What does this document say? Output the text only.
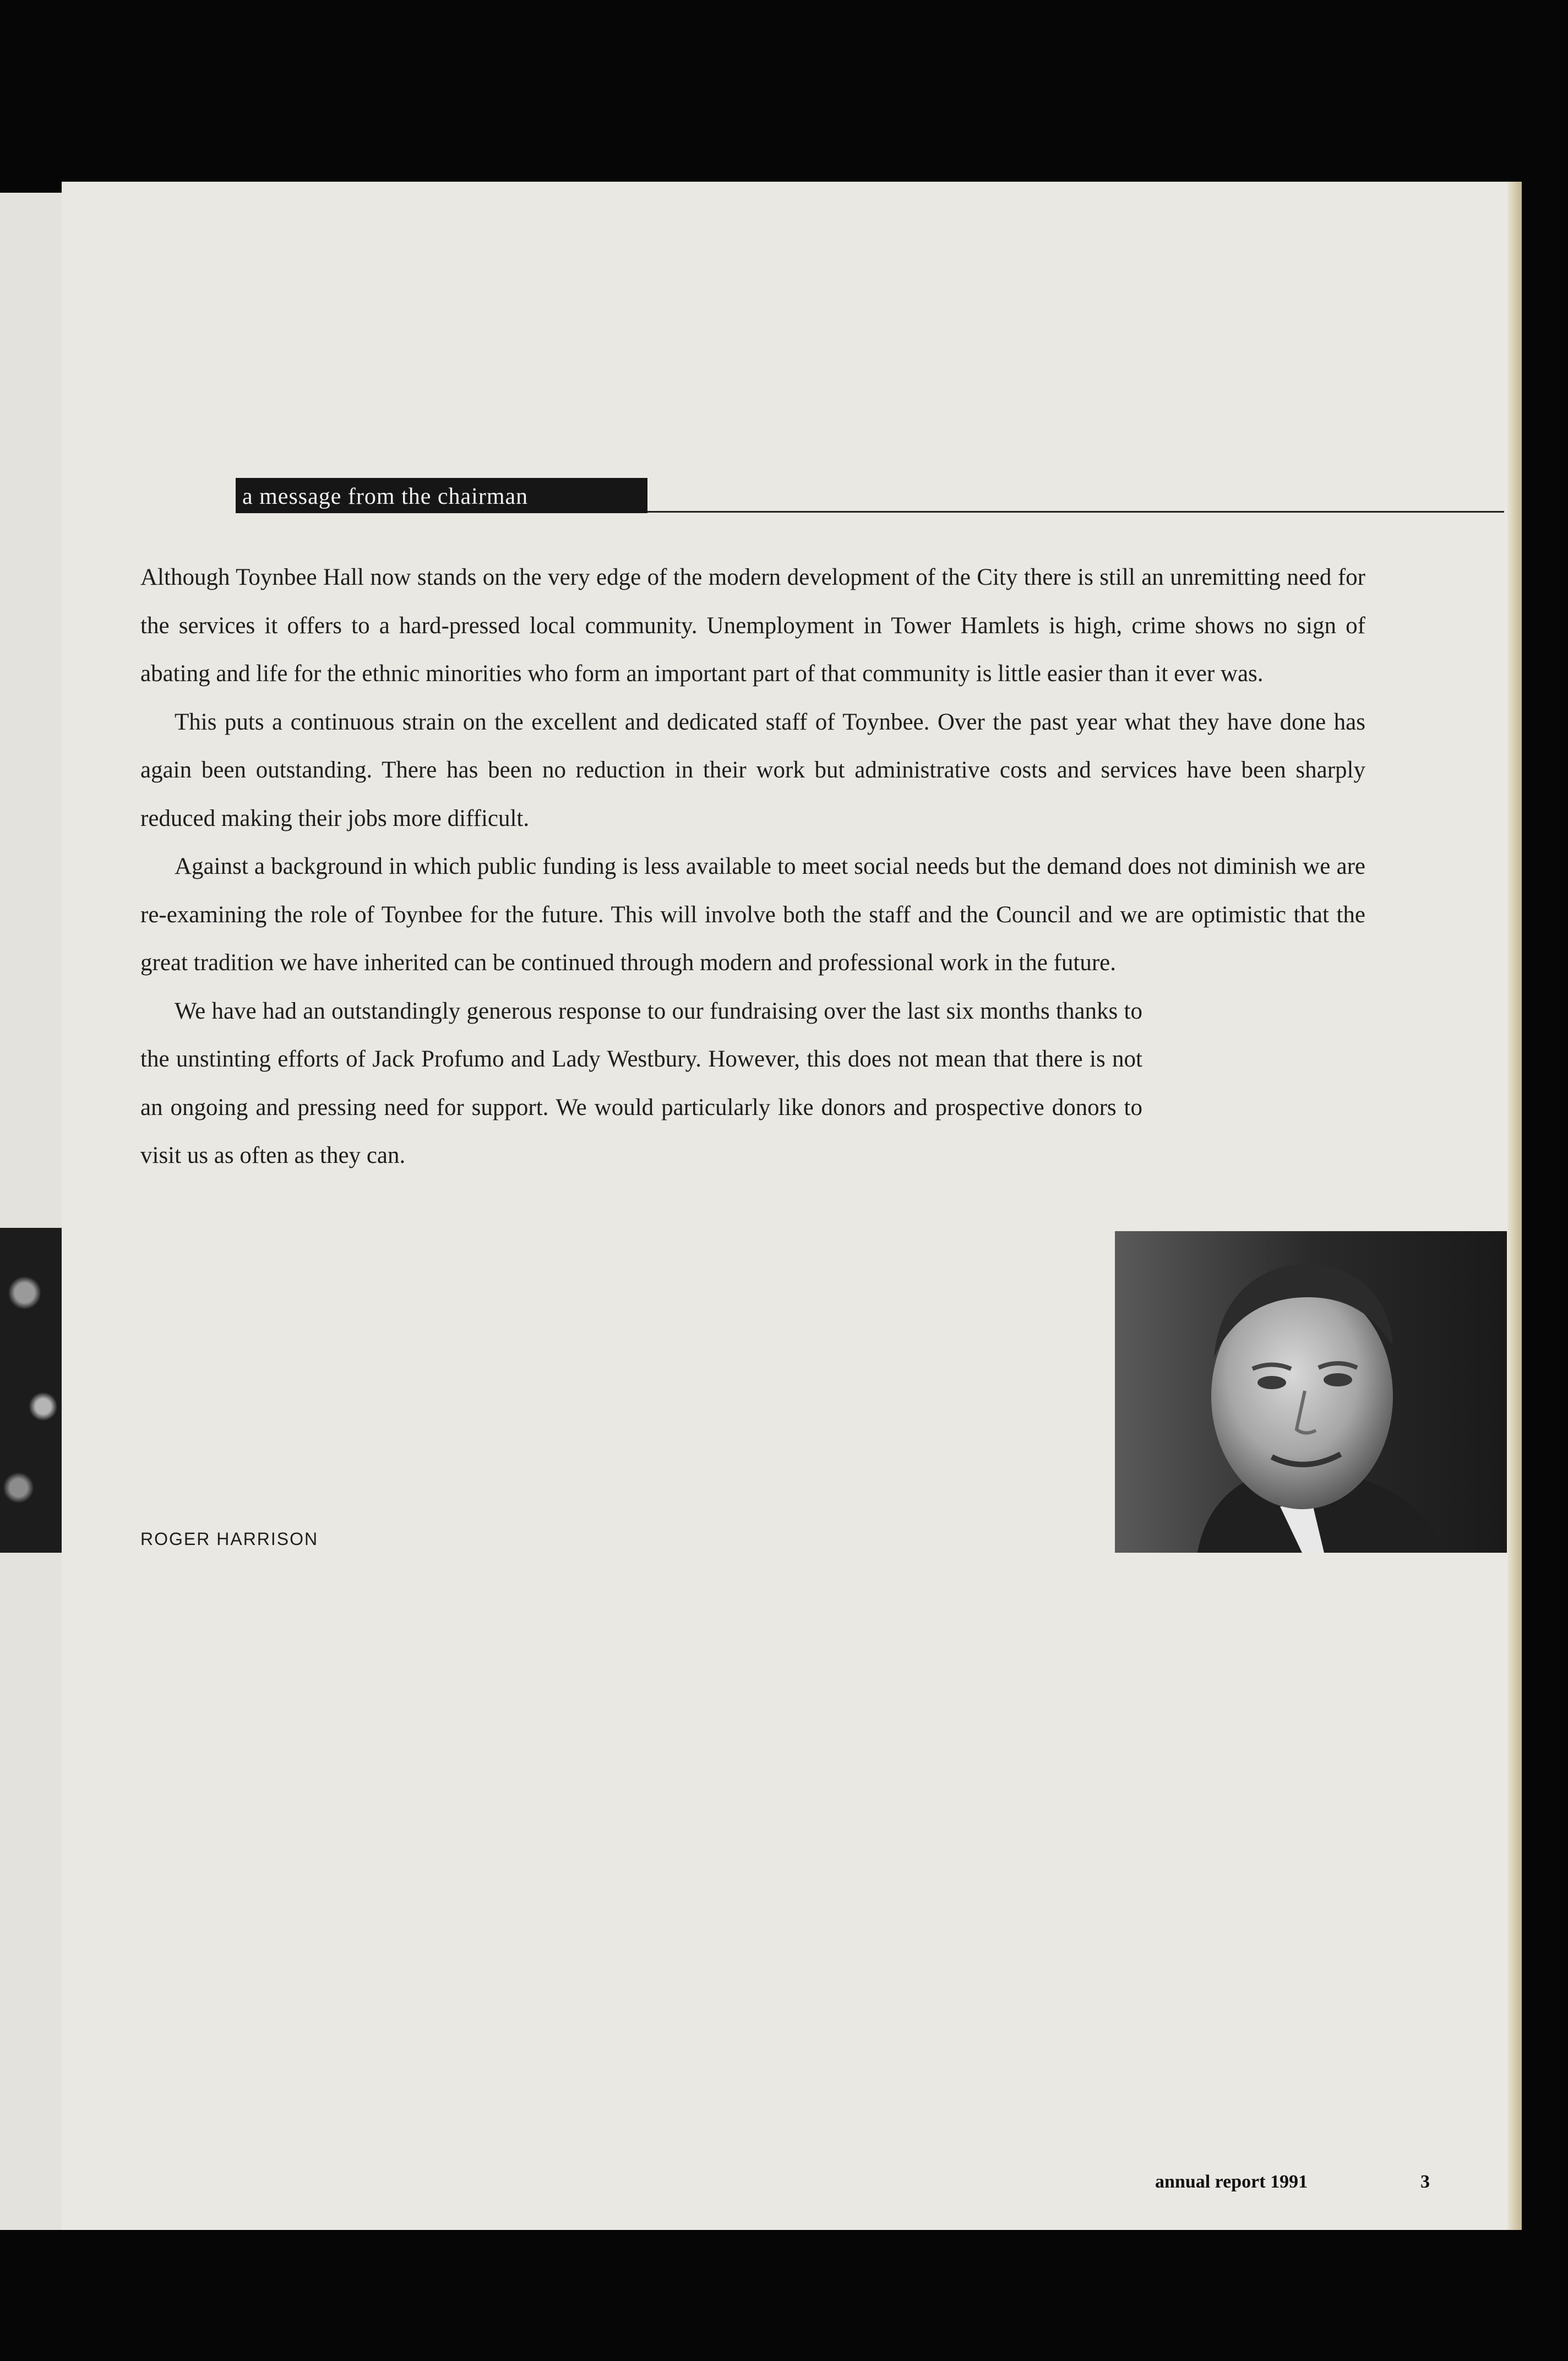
a message from the chairman

Although Toynbee Hall now stands on the very edge of the modern development of the City there is still an unremitting need for the services it offers to a hard-pressed local community. Unemployment in Tower Hamlets is high, crime shows no sign of abating and life for the ethnic minorities who form an important part of that community is little easier than it ever was.

This puts a continuous strain on the excellent and dedicated staff of Toynbee. Over the past year what they have done has again been outstanding. There has been no reduction in their work but administrative costs and services have been sharply reduced making their jobs more difficult.

Against a background in which public funding is less available to meet social needs but the demand does not diminish we are re-examining the role of Toynbee for the future. This will involve both the staff and the Council and we are optimistic that the great tradition we have inherited can be continued through modern and professional work in the future.

We have had an outstandingly generous response to our fundraising over the last six months thanks to the unstinting efforts of Jack Profumo and Lady Westbury. However, this does not mean that there is not an ongoing and pressing need for support. We would particularly like donors and prospective donors to visit us as often as they can.

ROGER HARRISON
annual report 1991	3
